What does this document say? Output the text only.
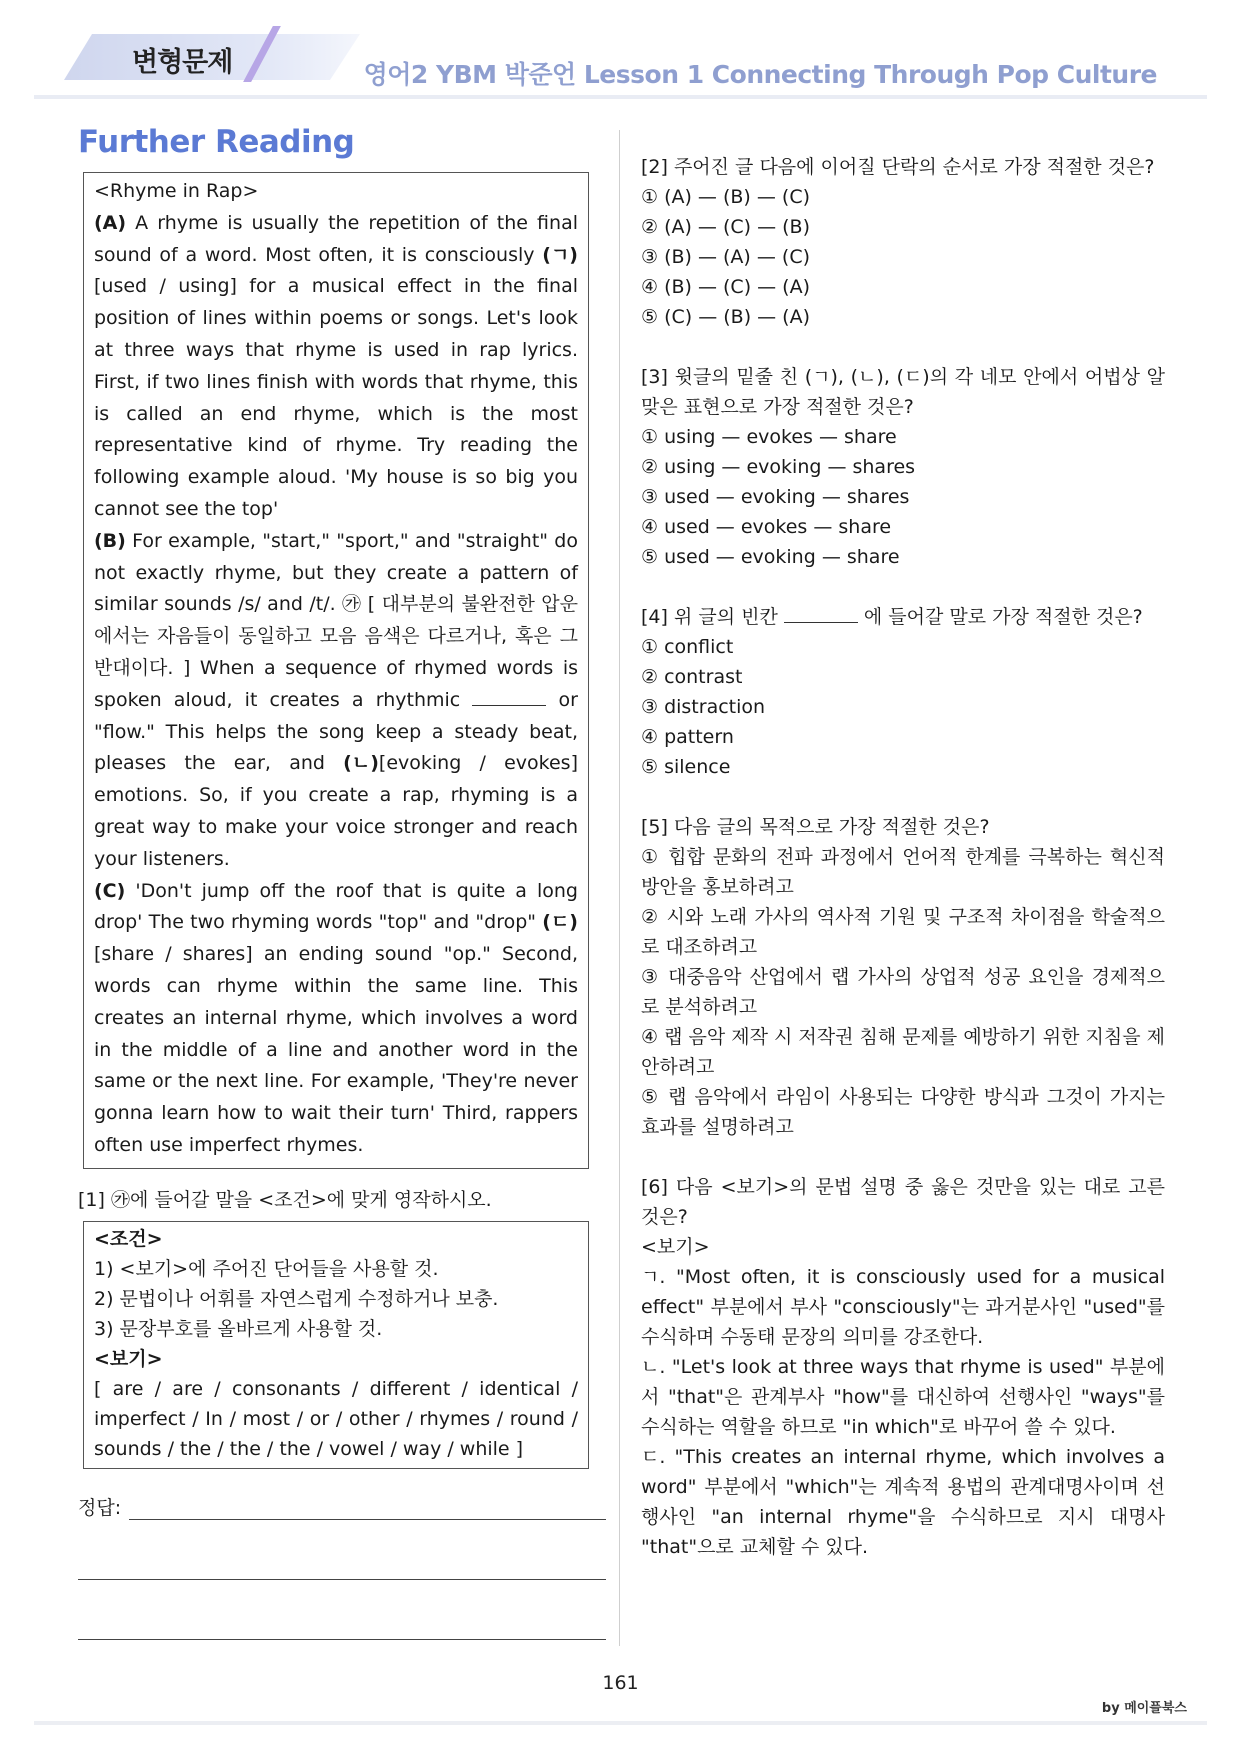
변형문제	영어2 YBM 박준언 Lesson 1 Connecting Through Pop Culture
Further Reading

<Rhyme in Rap>

(A) A rhyme is usually the repetition of the final sound of a word. Most often, it is consciously (ㄱ)[used / using] for a musical effect in the final position of lines within poems or songs. Let's look at three ways that rhyme is used in rap lyrics. First, if two lines finish with words that rhyme, this is called an end rhyme, which is the most representative kind of rhyme. Try reading the following example aloud. 'My house is so big you cannot see the top'

(B) For example, "start," "sport," and "straight" do not exactly rhyme, but they create a pattern of similar sounds /s/ and /t/. ㉮ [ 대부분의 불완전한 압운에서는 자음들이 동일하고 모음 음색은 다르거나, 혹은 그 반대이다. ] When a sequence of rhymed words is spoken aloud, it creates a rhythmic	or "flow." This helps the song keep a steady beat, pleases the ear, and (ㄴ)[evoking / evokes] emotions. So, if you create a rap, rhyming is a great way to make your voice stronger and reach your listeners.

(C) 'Don't jump off the roof that is quite a long drop' The two rhyming words "top" and "drop" (ㄷ)[share / shares] an ending sound "op." Second, words can rhyme within the same line. This creates an internal rhyme, which involves a word in the middle of a line and another word in the same or the next line. For example, 'They're never gonna learn how to wait their turn' Third, rappers often use imperfect rhymes.

[1] ㉮에 들어갈 말을 <조건>에 맞게 영작하시오.
<조건>
1) <보기>에 주어진 단어들을 사용할 것.
2) 문법이나 어휘를 자연스럽게 수정하거나 보충.
3) 문장부호를 올바르게 사용할 것.
<보기>
[ are / are / consonants / different / identical / imperfect / In / most / or / other / rhymes / round / sounds / the / the / the / vowel / way / while ]
정답:

[2] 주어진 글 다음에 이어질 단락의 순서로 가장 적절한 것은?

① (A) — (B) — (C)

② (A) — (C) — (B)

③ (B) — (A) — (C)

④ (B) — (C) — (A)

⑤ (C) — (B) — (A)

[3] 윗글의 밑줄 친 (ㄱ), (ㄴ), (ㄷ)의 각 네모 안에서 어법상 알맞은 표현으로 가장 적절한 것은?

① using — evokes — share

② using — evoking — shares

③ used — evoking — shares

④ used — evokes — share

⑤ used — evoking — share

[4] 위 글의 빈칸	에 들어갈 말로 가장 적절한 것은?

① conflict

② contrast

③ distraction

④ pattern

⑤ silence

[5] 다음 글의 목적으로 가장 적절한 것은?

① 힙합 문화의 전파 과정에서 언어적 한계를 극복하는 혁신적 방안을 홍보하려고

② 시와 노래 가사의 역사적 기원 및 구조적 차이점을 학술적으로 대조하려고

③ 대중음악 산업에서 랩 가사의 상업적 성공 요인을 경제적으로 분석하려고

④ 랩 음악 제작 시 저작권 침해 문제를 예방하기 위한 지침을 제안하려고

⑤ 랩 음악에서 라임이 사용되는 다양한 방식과 그것이 가지는 효과를 설명하려고

[6] 다음 <보기>의 문법 설명 중 옳은 것만을 있는 대로 고른 것은?

<보기>

ㄱ. "Most often, it is consciously used for a musical effect" 부분에서 부사 "consciously"는 과거분사인 "used"를 수식하며 수동태 문장의 의미를 강조한다.

ㄴ. "Let's look at three ways that rhyme is used" 부분에서 "that"은 관계부사 "how"를 대신하여 선행사인 "ways"를 수식하는 역할을 하므로 "in which"로 바꾸어 쓸 수 있다.

ㄷ. "This creates an internal rhyme, which involves a word" 부분에서 "which"는 계속적 용법의 관계대명사이며 선행사인 "an internal rhyme"을 수식하므로 지시 대명사 "that"으로 교체할 수 있다.

161
by 메이플북스
